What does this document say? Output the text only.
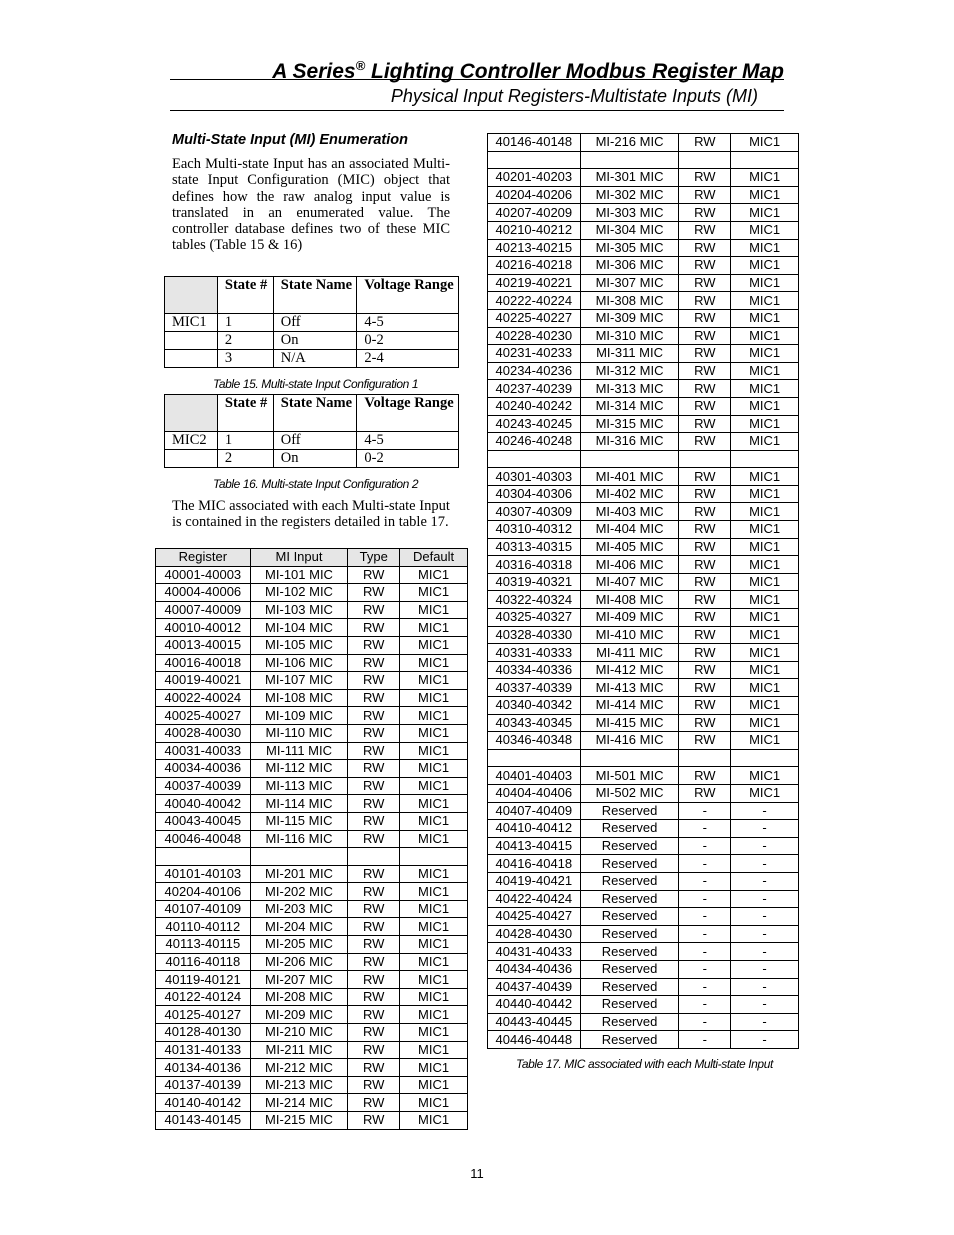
A Series® Lighting Controller Modbus Register Map
Physical Input Registers-Multistate Inputs (MI)
Multi-State Input (MI) Enumeration
Each Multi-state Input has an associated Multi-state Input Configuration (MIC) object that defines how the raw analog input value is translated in an enumerated value. The controller database defines two of these MIC tables (Table 15 & 16)
	State #	State Name	Voltage Range
MIC1	1	Off	4-5
	2	On	0-2
	3	N/A	2-4
Table 15. Multi-state Input Configuration 1
	State #	State Name	Voltage Range
MIC2	1	Off	4-5
	2	On	0-2
Table 16. Multi-state Input Configuration 2
The MIC associated with each Multi-state Input is contained in the registers detailed in table 17.
Register	MI Input	Type	Default
40001-40003	MI-101 MIC	RW	MIC1
40004-40006	MI-102 MIC	RW	MIC1
40007-40009	MI-103 MIC	RW	MIC1
40010-40012	MI-104 MIC	RW	MIC1
40013-40015	MI-105 MIC	RW	MIC1
40016-40018	MI-106 MIC	RW	MIC1
40019-40021	MI-107 MIC	RW	MIC1
40022-40024	MI-108 MIC	RW	MIC1
40025-40027	MI-109 MIC	RW	MIC1
40028-40030	MI-110 MIC	RW	MIC1
40031-40033	MI-111 MIC	RW	MIC1
40034-40036	MI-112 MIC	RW	MIC1
40037-40039	MI-113 MIC	RW	MIC1
40040-40042	MI-114 MIC	RW	MIC1
40043-40045	MI-115 MIC	RW	MIC1
40046-40048	MI-116 MIC	RW	MIC1

40101-40103	MI-201 MIC	RW	MIC1
40204-40106	MI-202 MIC	RW	MIC1
40107-40109	MI-203 MIC	RW	MIC1
40110-40112	MI-204 MIC	RW	MIC1
40113-40115	MI-205 MIC	RW	MIC1
40116-40118	MI-206 MIC	RW	MIC1
40119-40121	MI-207 MIC	RW	MIC1
40122-40124	MI-208 MIC	RW	MIC1
40125-40127	MI-209 MIC	RW	MIC1
40128-40130	MI-210 MIC	RW	MIC1
40131-40133	MI-211 MIC	RW	MIC1
40134-40136	MI-212 MIC	RW	MIC1
40137-40139	MI-213 MIC	RW	MIC1
40140-40142	MI-214 MIC	RW	MIC1
40143-40145	MI-215 MIC	RW	MIC1
40146-40148	MI-216 MIC	RW	MIC1

40201-40203	MI-301 MIC	RW	MIC1
40204-40206	MI-302 MIC	RW	MIC1
40207-40209	MI-303 MIC	RW	MIC1
40210-40212	MI-304 MIC	RW	MIC1
40213-40215	MI-305 MIC	RW	MIC1
40216-40218	MI-306 MIC	RW	MIC1
40219-40221	MI-307 MIC	RW	MIC1
40222-40224	MI-308 MIC	RW	MIC1
40225-40227	MI-309 MIC	RW	MIC1
40228-40230	MI-310 MIC	RW	MIC1
40231-40233	MI-311 MIC	RW	MIC1
40234-40236	MI-312 MIC	RW	MIC1
40237-40239	MI-313 MIC	RW	MIC1
40240-40242	MI-314 MIC	RW	MIC1
40243-40245	MI-315 MIC	RW	MIC1
40246-40248	MI-316 MIC	RW	MIC1

40301-40303	MI-401 MIC	RW	MIC1
40304-40306	MI-402 MIC	RW	MIC1
40307-40309	MI-403 MIC	RW	MIC1
40310-40312	MI-404 MIC	RW	MIC1
40313-40315	MI-405 MIC	RW	MIC1
40316-40318	MI-406 MIC	RW	MIC1
40319-40321	MI-407 MIC	RW	MIC1
40322-40324	MI-408 MIC	RW	MIC1
40325-40327	MI-409 MIC	RW	MIC1
40328-40330	MI-410 MIC	RW	MIC1
40331-40333	MI-411 MIC	RW	MIC1
40334-40336	MI-412 MIC	RW	MIC1
40337-40339	MI-413 MIC	RW	MIC1
40340-40342	MI-414 MIC	RW	MIC1
40343-40345	MI-415 MIC	RW	MIC1
40346-40348	MI-416 MIC	RW	MIC1

40401-40403	MI-501 MIC	RW	MIC1
40404-40406	MI-502 MIC	RW	MIC1
40407-40409	Reserved	-	-
40410-40412	Reserved	-	-
40413-40415	Reserved	-	-
40416-40418	Reserved	-	-
40419-40421	Reserved	-	-
40422-40424	Reserved	-	-
40425-40427	Reserved	-	-
40428-40430	Reserved	-	-
40431-40433	Reserved	-	-
40434-40436	Reserved	-	-
40437-40439	Reserved	-	-
40440-40442	Reserved	-	-
40443-40445	Reserved	-	-
40446-40448	Reserved	-	-
Table 17. MIC associated with each Multi-state Input
11
